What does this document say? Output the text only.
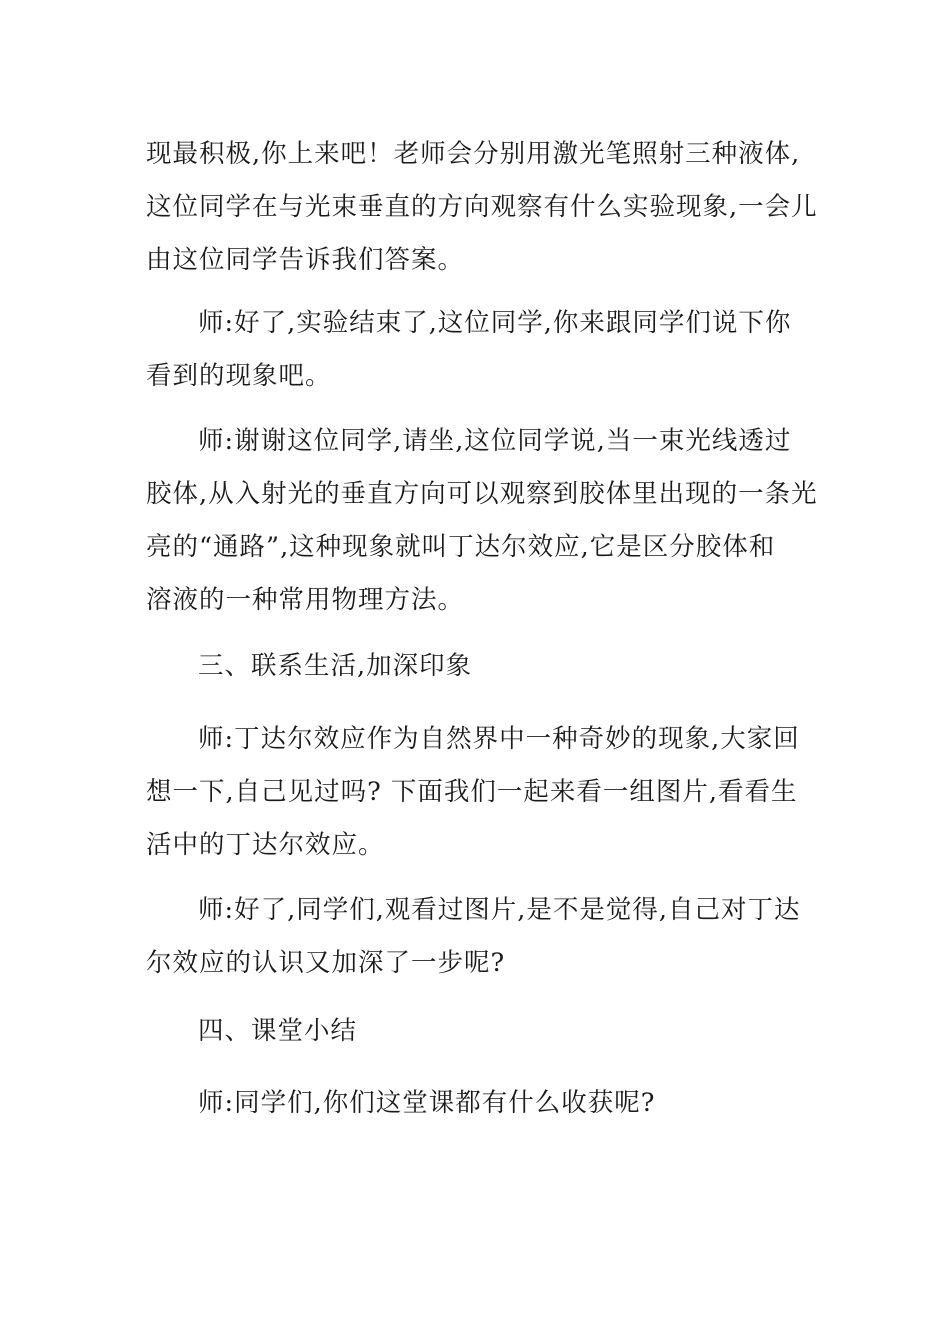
现最积极,你上来吧！老师会分别用激光笔照射三种液体,
这位同学在与光束垂直的方向观察有什么实验现象,一会儿
由这位同学告诉我们答案。

师:好了,实验结束了,这位同学,你来跟同学们说下你
看到的现象吧。

师:谢谢这位同学,请坐,这位同学说,当一束光线透过
胶体,从入射光的垂直方向可以观察到胶体里出现的一条光
亮的“通路”,这种现象就叫丁达尔效应,它是区分胶体和
溶液的一种常用物理方法。

三、联系生活,加深印象

师:丁达尔效应作为自然界中一种奇妙的现象,大家回
想一下,自己见过吗? 下面我们一起来看一组图片,看看生
活中的丁达尔效应。

师:好了,同学们,观看过图片,是不是觉得,自己对丁达
尔效应的认识又加深了一步呢?

四、课堂小结

师:同学们,你们这堂课都有什么收获呢?
